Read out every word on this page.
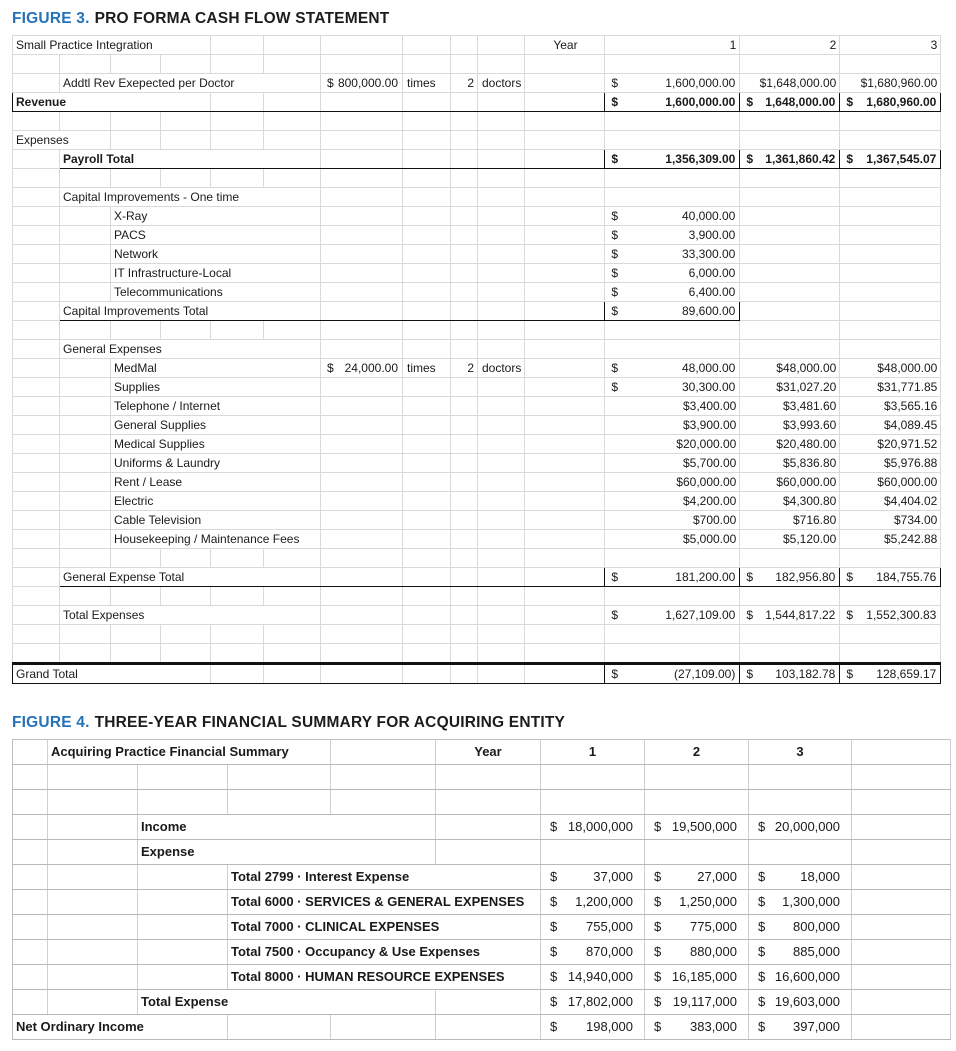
FIGURE 3. PRO FORMA CASH FLOW STATEMENT
Small Practice Integration										Year	1	2	3

	Addtl Rev Exepected per Doctor					$ 800,000.00	times	2	doctors		$ 1,600,000.00	$1,648,000.00	$1,680,960.00
Revenue											$ 1,600,000.00	$ 1,648,000.00	$ 1,680,960.00

Expenses													
	Payroll Total										$ 1,356,309.00	$ 1,361,860.42	$ 1,367,545.07

	Capital Improvements - One time												
		X-Ray									$ 40,000.00		

		PACS									$ 3,900.00		

		Network									$ 33,300.00		

		IT Infrastructure-Local									$ 6,000.00		

		Telecommunications									$ 6,400.00		

	Capital Improvements Total										$ 89,600.00		

	General Expenses												
		MedMal				$ 24,000.00	times	2	doctors		$ 48,000.00	$48,000.00	$48,000.00
		Supplies									$ 30,300.00	$31,027.20	$31,771.85
		Telephone / Internet									$3,400.00	$3,481.60	$3,565.16
		General Supplies									$3,900.00	$3,993.60	$4,089.45
		Medical Supplies									$20,000.00	$20,480.00	$20,971.52
		Uniforms & Laundry									$5,700.00	$5,836.80	$5,976.88
		Rent / Lease									$60,000.00	$60,000.00	$60,000.00
		Electric									$4,200.00	$4,300.80	$4,404.02
		Cable Television									$700.00	$716.80	$734.00
		Housekeeping / Maintenance Fees									$5,000.00	$5,120.00	$5,242.88

	General Expense Total										$ 181,200.00	$ 182,956.80	$ 184,755.76

	Total Expenses										$ 1,627,109.00	$ 1,544,817.22	$ 1,552,300.83

Grand Total											$ (27,109.00)	$ 103,182.78	$ 128,659.17
FIGURE 4. THREE-YEAR FINANCIAL SUMMARY FOR ACQUIRING ENTITY
	Acquiring Practice Financial Summary				Year	1	2	3	

		Income				$ 18,000,000	$ 19,500,000	$ 20,000,000	

		Expense							
			Total 2799 · Interest Expense			$ 37,000	$ 27,000	$ 18,000	

			Total 6000 · SERVICES & GENERAL EXPENSES			$ 1,200,000	$ 1,250,000	$ 1,300,000	

			Total 7000 · CLINICAL EXPENSES			$ 755,000	$ 775,000	$ 800,000	

			Total 7500 · Occupancy & Use Expenses			$ 870,000	$ 880,000	$ 885,000	

			Total 8000 · HUMAN RESOURCE EXPENSES			$ 14,940,000	$ 16,185,000	$ 16,600,000	

		Total Expense				$ 17,802,000	$ 19,117,000	$ 19,603,000	

Net Ordinary Income						$ 198,000	$ 383,000	$ 397,000	
